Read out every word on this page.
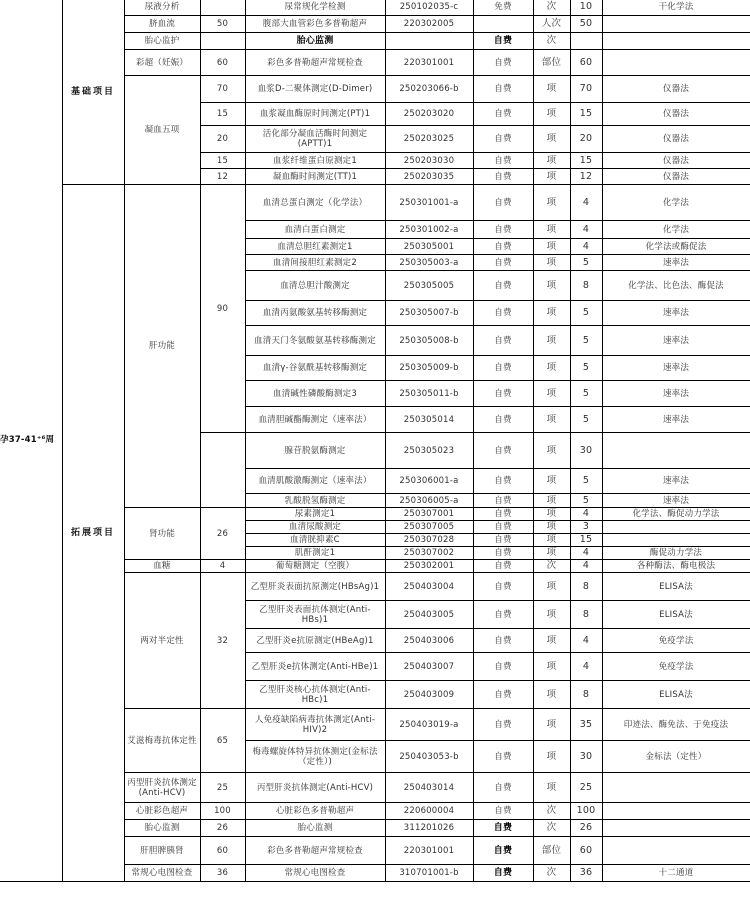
孕37-41⁺⁶周	基础项目	尿液分析		尿常规化学检测	250102035-c	免费	次	10	干化学法
		脐血流	50	腹部大血管彩色多普勒超声	220302005		人次	50	
		胎心监护		胎心监测		自费	次		
		彩超（妊娠）	60	彩色多普勒超声常规检查	220301001	自费	部位	60	
		凝血五项	70	血浆D-二聚体测定(D-Dimer)	250203066-b	自费	项	70	仪器法
			15	血浆凝血酶原时间测定(PT)1	250203020	自费	项	15	仪器法
			20	活化部分凝血活酶时间测定(APTT)1	250203025	自费	项	20	仪器法
			15	血浆纤维蛋白原测定1	250203030	自费	项	15	仪器法
			12	凝血酶时间测定(TT)1	250203035	自费	项	12	仪器法
	拓展项目	肝功能	90	血清总蛋白测定（化学法）	250301001-a	自费	项	4	化学法
				血清白蛋白测定	250301002-a	自费	项	4	化学法
				血清总胆红素测定1	250305001	自费	项	4	化学法或酶促法
				血清间接胆红素测定2	250305003-a	自费	项	5	速率法
				血清总胆汁酸测定	250305005	自费	项	8	化学法、比色法、酶促法
				血清丙氨酸氨基转移酶测定	250305007-b	自费	项	5	速率法
				血清天门冬氨酸氨基转移酶测定	250305008-b	自费	项	5	速率法
				血清γ-谷氨酰基转移酶测定	250305009-b	自费	项	5	速率法
				血清碱性磷酸酶测定3	250305011-b	自费	项	5	速率法
				血清胆碱酯酶测定（速率法）	250305014	自费	项	5	速率法
				腺苷脱氨酶测定	250305023	自费	项	30	
				血清肌酸激酶测定（速率法）	250306001-a	自费	项	5	速率法
				乳酸脱氢酶测定	250306005-a	自费	项	5	速率法
		肾功能	26	尿素测定1	250307001	自费	项	4	化学法、酶促动力学法
				血清尿酸测定	250307005	自费	项	3	
				血清胱抑素C	250307028	自费	项	15	
				肌酐测定1	250307002	自费	项	4	酶促动力学法
		血糖	4	葡萄糖测定（空腹）	250302001	自费	次	4	各种酶法、酶电极法
		两对半定性	32	乙型肝炎表面抗原测定(HBsAg)1	250403004	自费	项	8	ELISA法
				乙型肝炎表面抗体测定(Anti-HBs)1	250403005	自费	项	8	ELISA法
				乙型肝炎e抗原测定(HBeAg)1	250403006	自费	项	4	免疫学法
				乙型肝炎e抗体测定(Anti-HBe)1	250403007	自费	项	4	免疫学法
				乙型肝炎核心抗体测定(Anti-HBc)1	250403009	自费	项	8	ELISA法
		艾滋梅毒抗体定性	65	人免疫缺陷病毒抗体测定(Anti-HIV)2	250403019-a	自费	项	35	印迹法、酶免法、于免疫法
				梅毒螺旋体特异抗体测定(金标法（定性）)	250403053-b	自费	项	30	金标法（定性）
		丙型肝炎抗体测定(Anti-HCV)	25	丙型肝炎抗体测定(Anti-HCV)	250403014	自费	项	25	
		心脏彩色超声	100	心脏彩色多普勒超声	220600004	自费	次	100	
		胎心监测	26	胎心监测	311201026	自费	次	26	
		肝胆脾胰肾	60	彩色多普勒超声常规检查	220301001	自费	部位	60	
		常规心电图检查	36	常规心电图检查	310701001-b	自费	次	36	十二通道
